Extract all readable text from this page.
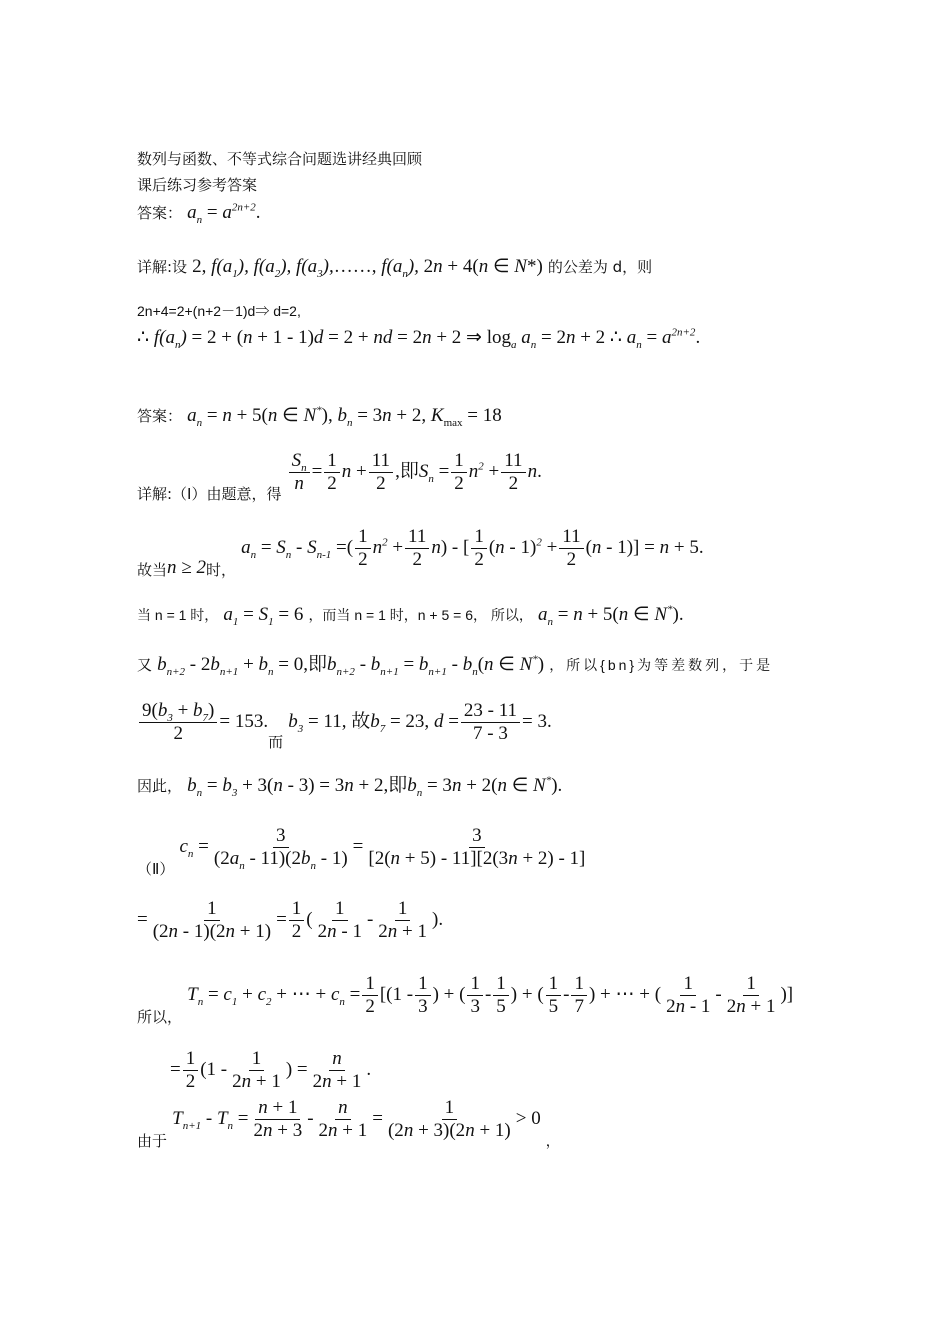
数列与函数、不等式综合问题选讲经典回顾
课后练习参考答案
答案： $a_n = a^{2n+2}$.
详解:设 2, $f(a_1)$, $f(a_2)$, $f(a_3),\dots\dots$, $f(a_n)$, 2n + 4(n ∈ N*) 的公差为 d，则
2n+4=2+(n+2－1)d⇒ d=2,
∴ $f(a_n) = 2 + (n + 1 - 1)d = 2$ + nd = 2n + 2 ⇒ $\log_a a_n = 2n + 2$ ∴ $a_n = a^{2n+2}$.
答案： $a_n = n + 5(n$ ∈ N*), $b_n = 3n + 2$, $K_{max} = 18$
详解:（Ⅰ）由题意，得 $\frac{S_n}{n} = \frac{1}{2}$ $n + \frac{11}{2}$ ,即$S_n = \frac{1}{2} n^2 + \frac{11}{2} n$.
故当n ≥ 2时， $a_n = S_n - S_{n-1}$ =( $\frac{1}{2} n^2 + \frac{11}{2} n$) - [ $\frac{1}{2} (n - 1)^2 + \frac{11}{2} (n - 1)] = n + 5$.
当 n = 1 时， $a_1 = S_1 = 6$ ，而当 n = 1 时，n + 5 = 6， 所以， $a_n = n + 5(n$ ∈ N*).
又 $b_{n+2} - 2b_{n+1} + b_n = 0$,即$b_{n+2} - b_{n+1} = b_{n+1} - b_n(n$ ∈ N*) ，所以{bn}为等差数列，于是
$\frac{9(b_3 + b_7)}{2} = 153$.而 $b_3 = 11$, 故$b_7 = 23$, $d = \frac{23 - 11}{7 - 3} = 3$.
因此， $b_n = b_3 + 3(n - 3) = 3n + 2$,即$b_n = 3n + 2(n$ ∈ N*).
（Ⅱ） $c_n = \frac{3}{(2a_n - 11)(2b_n - 1)} = \frac{3}{[2(n + 5) - 11][2(3n + 2) - 1]}$
= $\frac{1}{(2n - 1)(2n + 1)} = \frac{1}{2}$ ( $\frac{1}{2n - 1} - \frac{1}{2n + 1}$ ).
所以， $T_n = c_1 + c_2$ + ⋯ + $c_n = \frac{1}{2} [(1 - \frac{1}{3}$ ) + ( $\frac{1}{3} - \frac{1}{5}$ ) + ( $\frac{1}{5} - \frac{1}{7}$ ) + ⋯ + ( $\frac{1}{2n - 1} - \frac{1}{2n + 1}$ )]
= $\frac{1}{2} (1 - \frac{1}{2n + 1}$ ) = $\frac{n}{2n + 1}$ .
由于 $T_{n+1} - T_n = \frac{n + 1}{2n + 3} - \frac{n}{2n + 1} = \frac{1}{(2n + 3)(2n + 1)} > 0$ ，
